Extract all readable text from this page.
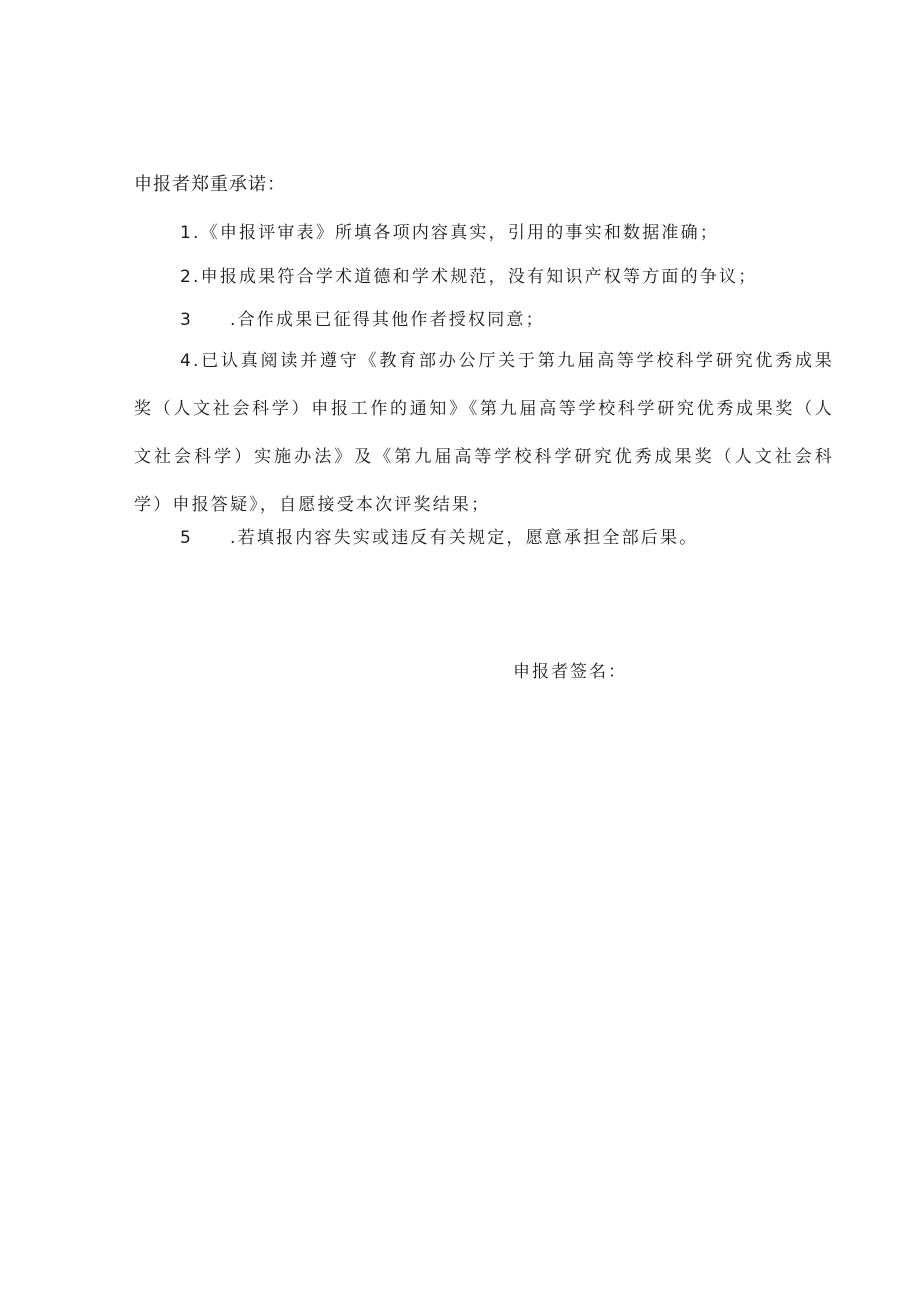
申报者郑重承诺：
1.《申报评审表》所填各项内容真实，引用的事实和数据准确；
2.申报成果符合学术道德和学术规范，没有知识产权等方面的争议；
3 .合作成果已征得其他作者授权同意；
4.已认真阅读并遵守《教育部办公厅关于第九届高等学校科学研究优秀成果奖（人文社会科学）申报工作的通知》《第九届高等学校科学研究优秀成果奖（人文社会科学）实施办法》及《第九届高等学校科学研究优秀成果奖（人文社会科学）申报答疑》，自愿接受本次评奖结果；
5 .若填报内容失实或违反有关规定，愿意承担全部后果。
申报者签名：
